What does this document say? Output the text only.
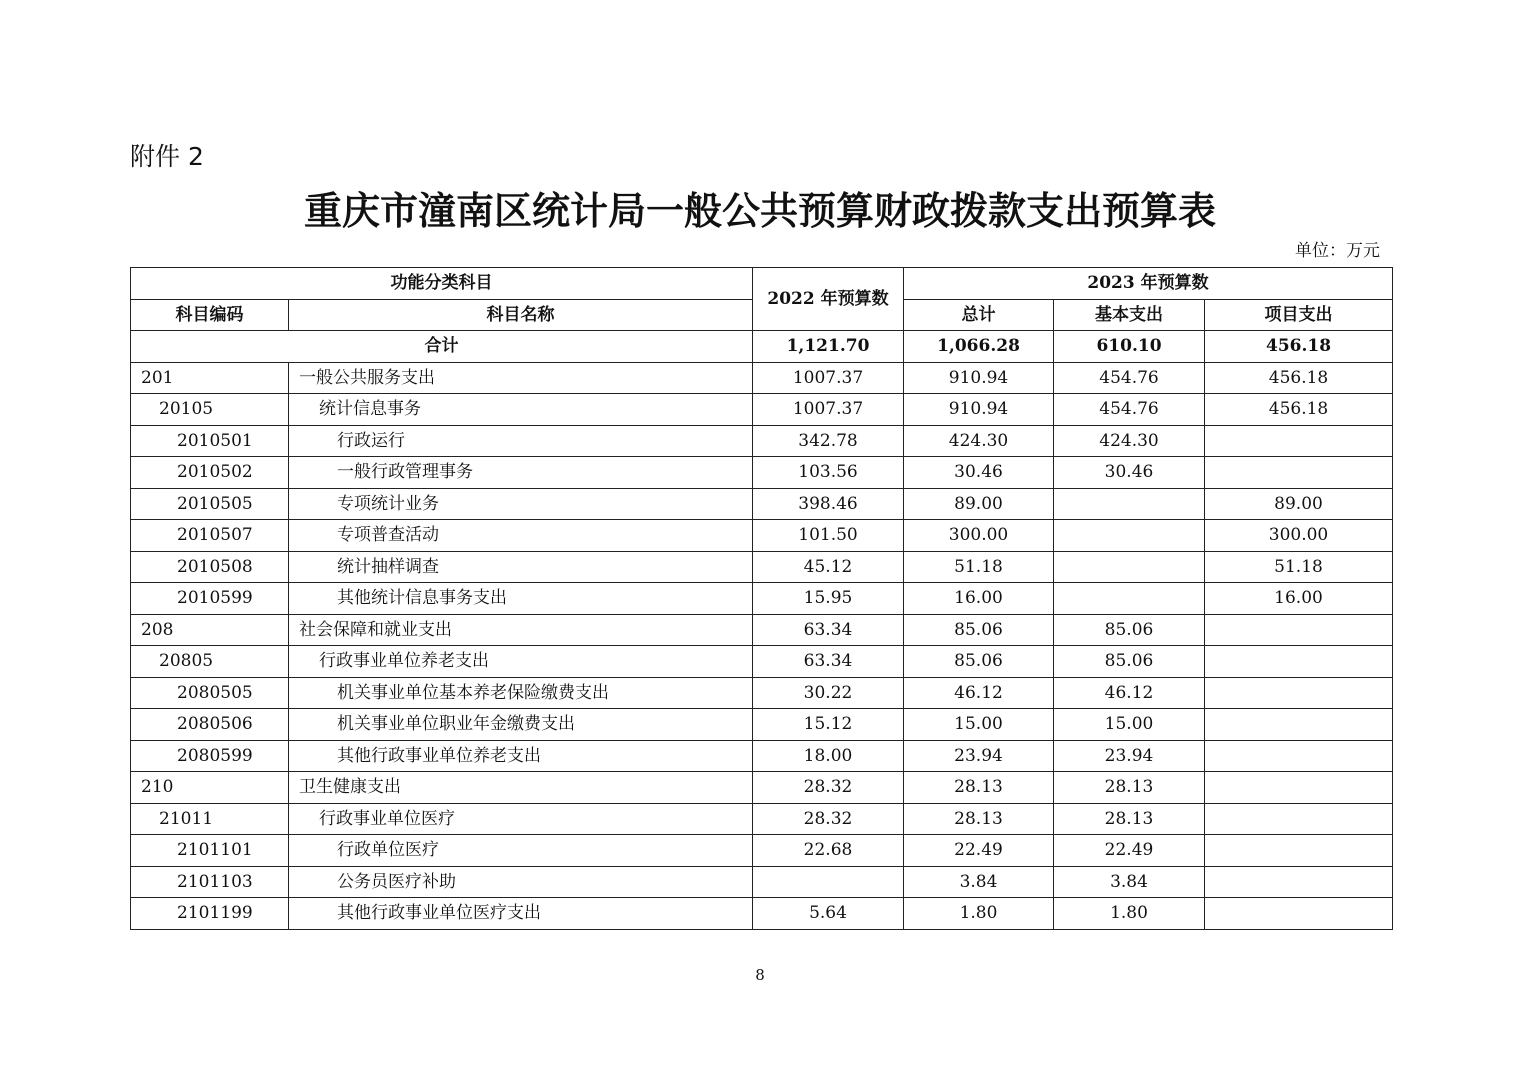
附件 2
重庆市潼南区统计局一般公共预算财政拨款支出预算表
单位：万元
功能分类科目		2022 年预算数	2023 年预算数		
科目编码	科目名称		总计	基本支出	项目支出
合计		1,121.70	1,066.28	610.10	456.18
201	一般公共服务支出	1007.37	910.94	454.76	456.18
20105	统计信息事务	1007.37	910.94	454.76	456.18
2010501	行政运行	342.78	424.30	424.30	
2010502	一般行政管理事务	103.56	30.46	30.46	
2010505	专项统计业务	398.46	89.00		89.00
2010507	专项普查活动	101.50	300.00		300.00
2010508	统计抽样调查	45.12	51.18		51.18
2010599	其他统计信息事务支出	15.95	16.00		16.00
208	社会保障和就业支出	63.34	85.06	85.06	
20805	行政事业单位养老支出	63.34	85.06	85.06	
2080505	机关事业单位基本养老保险缴费支出	30.22	46.12	46.12	
2080506	机关事业单位职业年金缴费支出	15.12	15.00	15.00	
2080599	其他行政事业单位养老支出	18.00	23.94	23.94	
210	卫生健康支出	28.32	28.13	28.13	
21011	行政事业单位医疗	28.32	28.13	28.13	
2101101	行政单位医疗	22.68	22.49	22.49	
2101103	公务员医疗补助		3.84	3.84	
2101199	其他行政事业单位医疗支出	5.64	1.80	1.80	
8
